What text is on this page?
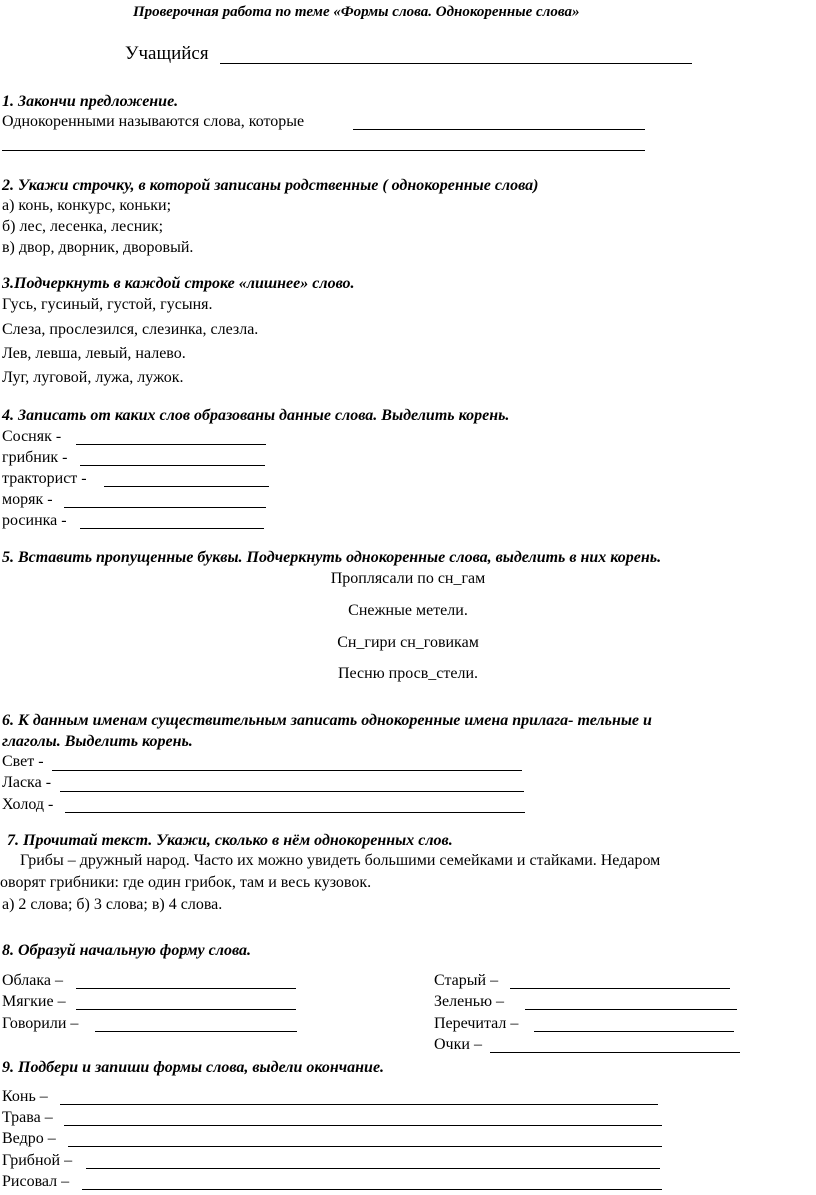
Проверочная работа по теме «Формы слова. Однокоренные слова»
Учащийся
1. Закончи предложение.
Однокоренными называются слова, которые
2. Укажи строчку, в которой записаны родственные ( однокоренные слова)
а) конь, конкурс, коньки;
б) лес, лесенка, лесник;
в) двор, дворник, дворовый.
3.Подчеркнуть в каждой строке «лишнее» слово.
Гусь, гусиный, густой, гусыня.
Слеза, прослезился, слезинка, слезла.
Лев, левша, левый, налево.
Луг, луговой, лужа, лужок.
4. Записать от каких слов образованы данные слова. Выделить корень.
Сосняк -
грибник -
тракторист -
моряк -
росинка -
5. Вставить пропущенные буквы. Подчеркнуть однокоренные слова, выделить в них корень.
Проплясали по сн_гам
Снежные метели.
Сн_гири сн_говикам
Песню просв_стели.
6. К данным именам существительным записать однокоренные имена прилага- тельные и
глаголы. Выделить корень.
Свет -
Ласка -
Холод -
7. Прочитай текст. Укажи, сколько в нём однокоренных слов.
Грибы – дружный народ. Часто их можно увидеть большими семейками и стайками. Недаром
оворят грибники: где один грибок, там и весь кузовок.
а) 2 слова; б) 3 слова; в) 4 слова.
8. Образуй начальную форму слова.
Облака –
Мягкие –
Говорили –
Старый –
Зеленью –
Перечитал –
Очки –
9. Подбери и запиши формы слова, выдели окончание.
Конь –
Трава –
Ведро –
Грибной –
Рисовал –
